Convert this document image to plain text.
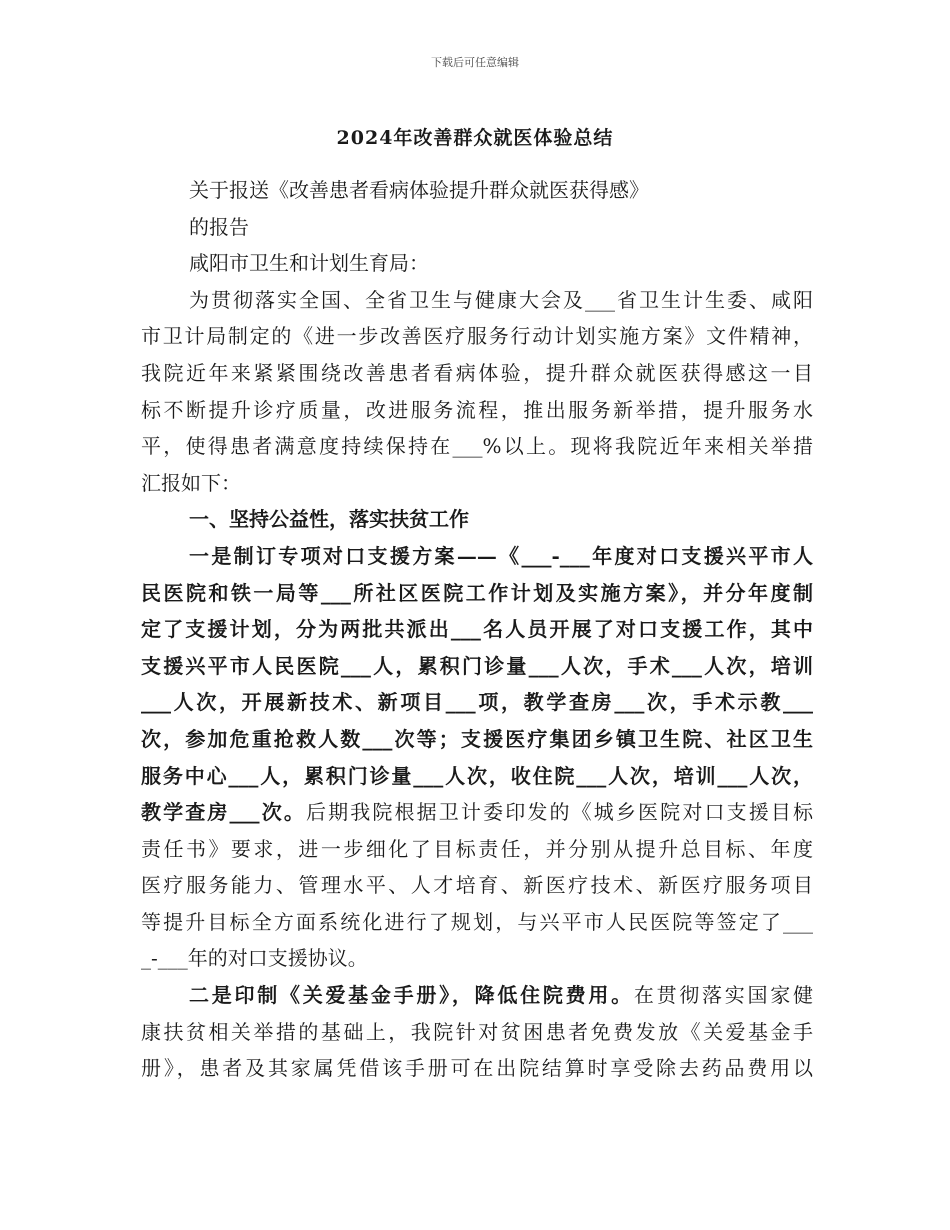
下载后可任意编辑
2024年改善群众就医体验总结
关于报送《改善患者看病体验提升群众就医获得感》
的报告
咸阳市卫生和计划生育局：
为贯彻落实全国、全省卫生与健康大会及___省卫生计生委、咸阳
市卫计局制定的《进一步改善医疗服务行动计划实施方案》文件精神，
我院近年来紧紧围绕改善患者看病体验，提升群众就医获得感这一目
标不断提升诊疗质量，改进服务流程，推出服务新举措，提升服务水
平，使得患者满意度持续保持在___%以上。现将我院近年来相关举措
汇报如下：
一、坚持公益性，落实扶贫工作
一是制订专项对口支援方案——《___-___年度对口支援兴平市人
民医院和铁一局等___所社区医院工作计划及实施方案》，并分年度制
定了支援计划，分为两批共派出___名人员开展了对口支援工作，其中
支援兴平市人民医院___人，累积门诊量___人次，手术___人次，培训
___人次，开展新技术、新项目___项，教学查房___次，手术示教___
次，参加危重抢救人数___次等；支援医疗集团乡镇卫生院、社区卫生
服务中心___人，累积门诊量___人次，收住院___人次，培训___人次，
教学查房___次。后期我院根据卫计委印发的《城乡医院对口支援目标
责任书》要求，进一步细化了目标责任，并分别从提升总目标、年度
医疗服务能力、管理水平、人才培育、新医疗技术、新医疗服务项目
等提升目标全方面系统化进行了规划，与兴平市人民医院等签定了___
_-___年的对口支援协议。
二是印制《关爱基金手册》，降低住院费用。在贯彻落实国家健
康扶贫相关举措的基础上，我院针对贫困患者免费发放《关爱基金手
册》，患者及其家属凭借该手册可在出院结算时享受除去药品费用以
